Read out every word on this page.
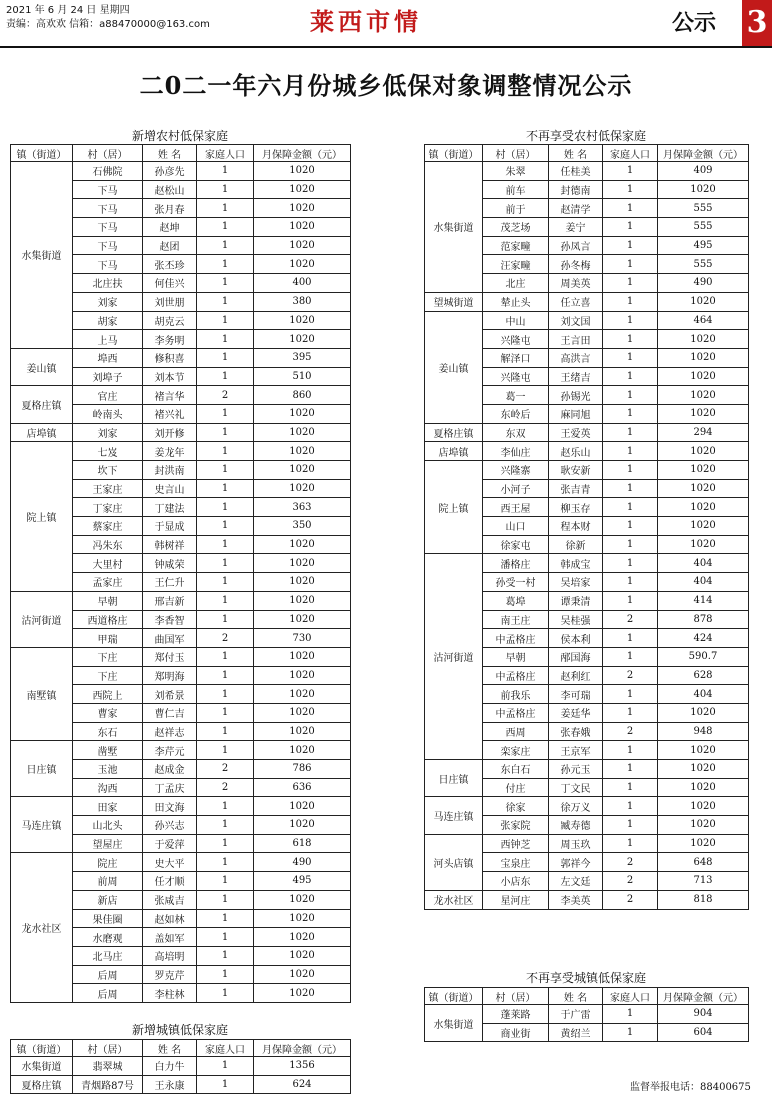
2021 年 6 月 24 日 星期四
责编：高欢欢 信箱：a88470000@163.com	莱西市情	公示 3
二0二一年六月份城乡低保对象调整情况公示
新增农村低保家庭
镇（街道）	村（居）	姓 名	家庭人口	月保障金额（元）
水集街道	石佛院	孙彦先	1	1020
	下马	赵松山	1	1020
	下马	张月春	1	1020
	下马	赵坤	1	1020
	下马	赵团	1	1020
	下马	张丕珍	1	1020
	北庄扶	何佳兴	1	400
	刘家	刘世朋	1	380
	胡家	胡克云	1	1020
	上马	李务明	1	1020
姜山镇	埠西	修积喜	1	395
	刘埠子	刘本节	1	510
夏格庄镇	官庄	褚言华	2	860
	岭南头	褚兴礼	1	1020
店埠镇	刘家	刘开修	1	1020
院上镇	七岌	姜龙年	1	1020
	坎下	封洪南	1	1020
	王家庄	史言山	1	1020
	丁家庄	丁建法	1	363
	蔡家庄	于显成	1	350
	冯朱东	韩树祥	1	1020
	大里村	钟咸荣	1	1020
	孟家庄	王仁升	1	1020
沽河街道	早朝	邢吉新	1	1020
	西道格庄	李香智	1	1020
	甲瑞	曲国军	2	730
南墅镇	下庄	郑付玉	1	1020
	下庄	郑明海	1	1020
	西院上	刘希景	1	1020
	曹家	曹仁吉	1	1020
	东石	赵祥志	1	1020
日庄镇	凿墅	李芹元	1	1020
	玉池	赵成金	2	786
	沟西	丁孟庆	2	636
马连庄镇	田家	田文海	1	1020
	山北头	孙兴志	1	1020
	望屋庄	于爱萍	1	618
龙水社区	院庄	史大平	1	490
	前周	任才顺	1	495
	新店	张咸吉	1	1020
	果佳圈	赵如林	1	1020
	水磨观	盖如军	1	1020
	北马庄	高培明	1	1020
	后周	罗克芹	1	1020
	后周	李柱林	1	1020
新增城镇低保家庭
镇（街道）	村（居）	姓 名	家庭人口	月保障金额（元）
水集街道	翡翠城	白力牛	1	1356
夏格庄镇	青烟路87号	王永康	1	624
不再享受农村低保家庭
镇（街道）	村（居）	姓 名	家庭人口	月保障金额（元）
水集街道	朱翠	任桂美	1	409
	前车	封德南	1	1020
	前于	赵清学	1	555
	茂芝场	姜宁	1	555
	范家疃	孙凤言	1	495
	汪家疃	孙冬梅	1	555
	北庄	周美英	1	490
望城街道	辇止头	任立喜	1	1020
姜山镇	中山	刘文国	1	464
	兴隆屯	王言田	1	1020
	解泽口	高洪言	1	1020
	兴隆屯	王绪吉	1	1020
	葛一	孙锡光	1	1020
	东岭后	麻同旭	1	1020
夏格庄镇	东双	王爱英	1	294
店埠镇	李仙庄	赵乐山	1	1020
院上镇	兴隆寨	耿安新	1	1020
	小河子	张吉青	1	1020
	西王屋	柳玉存	1	1020
	山口	程本财	1	1020
	徐家屯	徐新	1	1020
沽河街道	潘格庄	韩成宝	1	404
	孙受一村	吴培家	1	404
	葛埠	谭秉清	1	414
	南王庄	吴桂强	2	878
	中孟格庄	侯本利	1	424
	早朝	邴国海	1	590.7
	中孟格庄	赵利红	2	628
	前我乐	李可瑞	1	404
	中孟格庄	姜廷华	1	1020
	西周	张春娥	2	948
	栾家庄	王京军	1	1020
日庄镇	东白石	孙元玉	1	1020
	付庄	丁文民	1	1020
马连庄镇	徐家	徐万义	1	1020
	张家院	臧寿德	1	1020
河头店镇	西钟芝	周玉玖	1	1020
	宝泉庄	郭祥今	2	648
	小店东	左文廷	2	713
龙水社区	星河庄	李美英	2	818
不再享受城镇低保家庭
镇（街道）	村（居）	姓 名	家庭人口	月保障金额（元）
水集街道	蓬莱路	于广雷	1	904
	商业街	黄绍兰	1	604
监督举报电话：88400675
